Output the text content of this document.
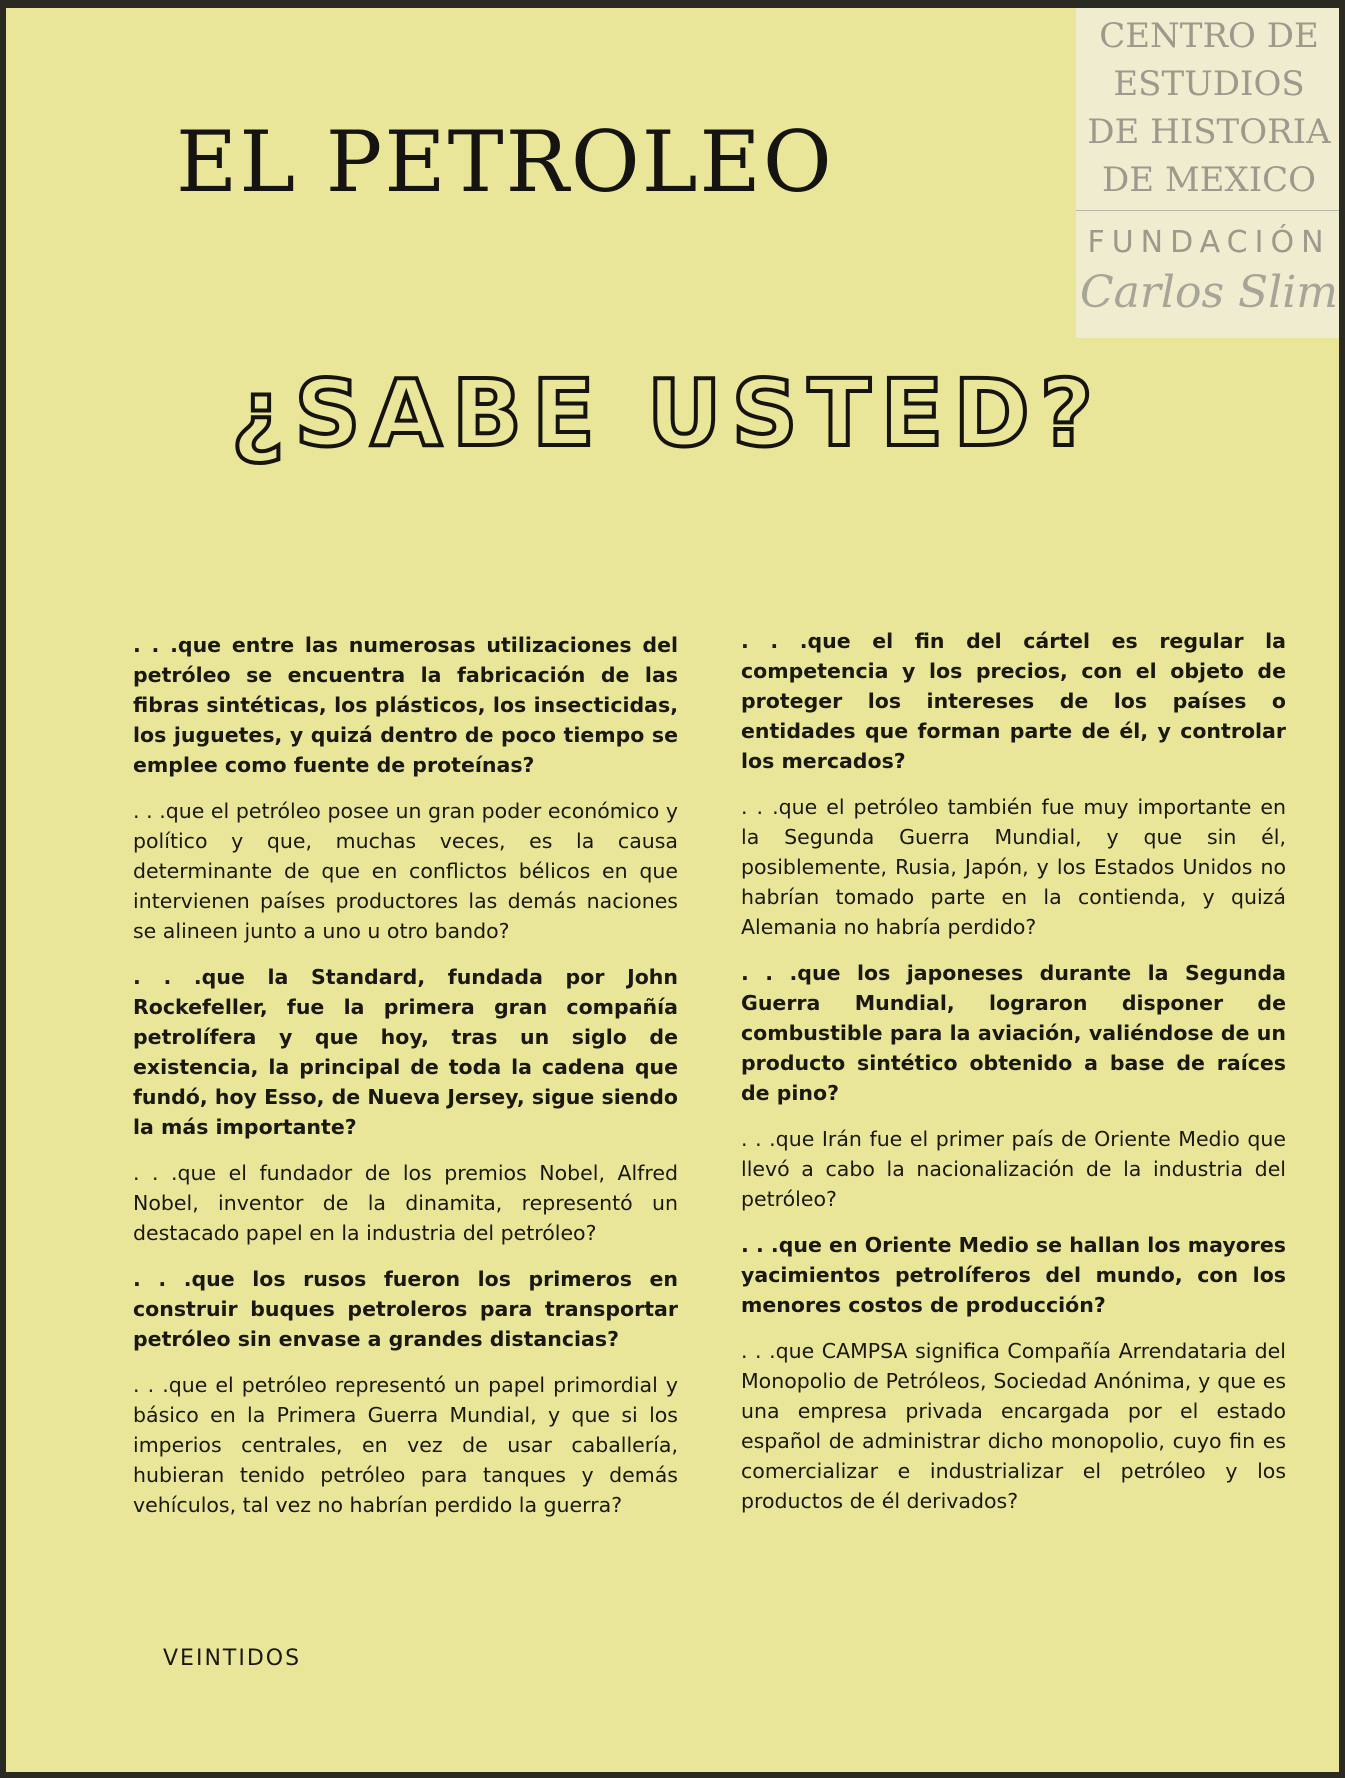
CENTRO DE
ESTUDIOS
DE HISTORIA
DE MEXICO
FUNDACIÓN
Carlos Slim
EL PETROLEO
¿SABE USTED?

. . .que entre las numerosas utilizaciones del petróleo se encuentra la fabricación de las fibras sintéticas, los plásticos, los insecticidas, los juguetes, y quizá dentro de poco tiempo se emplee como fuente de proteínas?

. . .que el petróleo posee un gran poder económico y político y que, muchas veces, es la causa determinante de que en conflictos bélicos en que intervienen países productores las demás naciones se alineen junto a uno u otro bando?

. . .que la Standard, fundada por John Rockefeller, fue la primera gran compañía petrolífera y que hoy, tras un siglo de existencia, la principal de toda la cadena que fundó, hoy Esso, de Nueva Jersey, sigue siendo la más importante?

. . .que el fundador de los premios Nobel, Alfred Nobel, inventor de la dinamita, representó un destacado papel en la industria del petróleo?

. . .que los rusos fueron los primeros en construir buques petroleros para transportar petróleo sin envase a grandes distancias?

. . .que el petróleo representó un papel primordial y básico en la Primera Guerra Mundial, y que si los imperios centrales, en vez de usar caballería, hubieran tenido petróleo para tanques y demás vehículos, tal vez no habrían perdido la guerra?

. . .que el fin del cártel es regular la competencia y los precios, con el objeto de proteger los intereses de los países o entidades que forman parte de él, y controlar los mercados?

. . .que el petróleo también fue muy importante en la Segunda Guerra Mundial, y que sin él, posiblemente, Rusia, Japón, y los Estados Unidos no habrían tomado parte en la contienda, y quizá Alemania no habría perdido?

. . .que los japoneses durante la Segunda Guerra Mundial, lograron disponer de combustible para la aviación, valiéndose de un producto sintético obtenido a base de raíces de pino?

. . .que Irán fue el primer país de Oriente Medio que llevó a cabo la nacionalización de la industria del petróleo?

. . .que en Oriente Medio se hallan los mayores yacimientos petrolíferos del mundo, con los menores costos de producción?

. . .que CAMPSA significa Compañía Arrendataria del Monopolio de Petróleos, Sociedad Anónima, y que es una empresa privada encargada por el estado español de administrar dicho monopolio, cuyo fin es comercializar e industrializar el petróleo y los productos de él derivados?

VEINTIDOS
